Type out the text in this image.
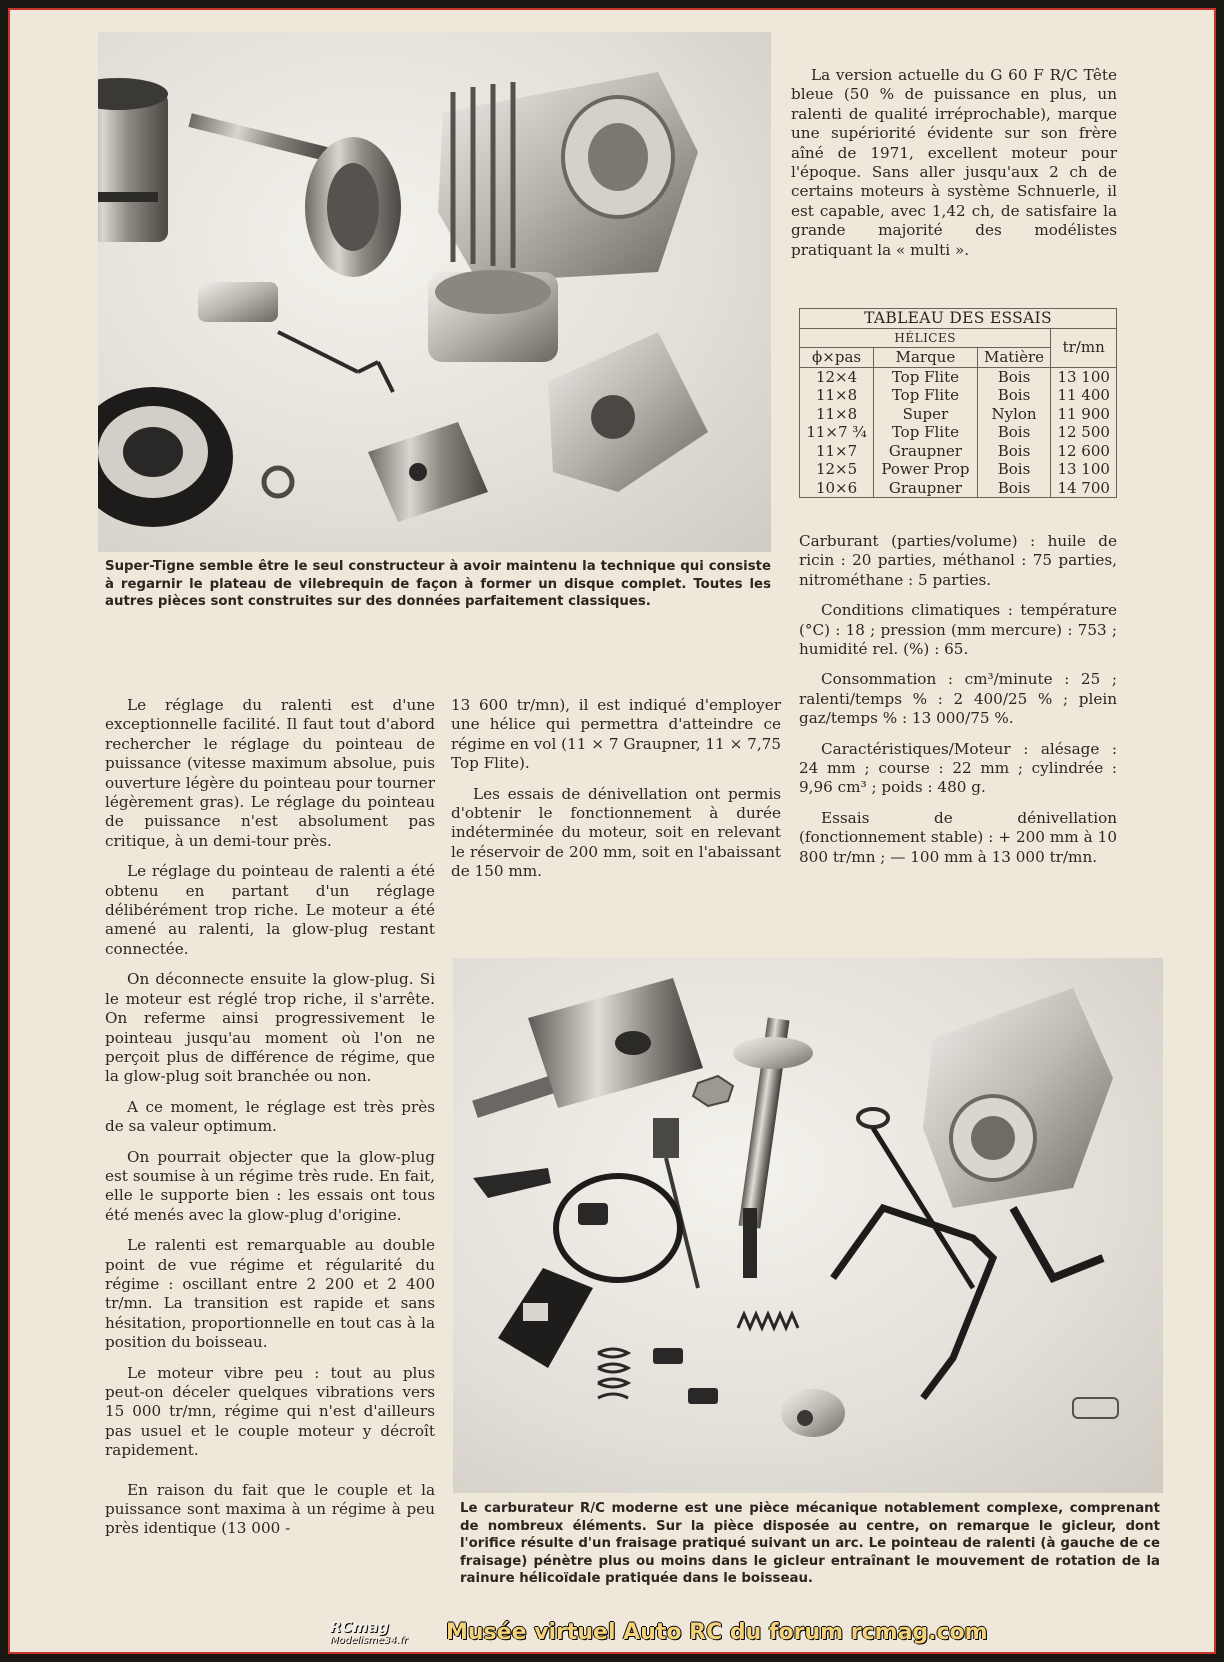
Super-Tigne semble être le seul constructeur à avoir maintenu la technique qui consiste à regarnir le plateau de vilebrequin de façon à former un disque complet. Toutes les autres pièces sont construites sur des données parfaitement classiques.

La version actuelle du G 60 F R/C Tête bleue (50 % de puissance en plus, un ralenti de qualité irréprochable), marque une supériorité évidente sur son frère aîné de 1971, excellent moteur pour l'époque. Sans aller jusqu'aux 2 ch de certains moteurs à système Schnuerle, il est capable, avec 1,42 ch, de satisfaire la grande majorité des modélistes pratiquant la « multi ».

TABLEAU DES ESSAIS			
HÉLICES			tr/mn
ϕ×pas	Marque	Matière	
12×4	Top Flite	Bois	13 100
11×8	Top Flite	Bois	11 400
11×8	Super	Nylon	11 900
11×7 ¾	Top Flite	Bois	12 500
11×7	Graupner	Bois	12 600
12×5	Power Prop	Bois	13 100
10×6	Graupner	Bois	14 700

Carburant (parties/volume) : huile de ricin : 20 parties, méthanol : 75 parties, nitrométhane : 5 parties.

Conditions climatiques : température (°C) : 18 ; pression (mm mercure) : 753 ; humidité rel. (%) : 65.

Consommation : cm³/minute : 25 ; ralenti/temps % : 2 400/25 % ; plein gaz/temps % : 13 000/75 %.

Caractéristiques/Moteur : alésage : 24 mm ; course : 22 mm ; cylindrée : 9,96 cm³ ; poids : 480 g.

Essais de dénivellation (fonctionnement stable) : + 200 mm à 10 800 tr/mn ; — 100 mm à 13 000 tr/mn.

Le réglage du ralenti est d'une exceptionnelle facilité. Il faut tout d'abord rechercher le réglage du pointeau de puissance (vitesse maximum absolue, puis ouverture légère du pointeau pour tourner légèrement gras). Le réglage du pointeau de puissance n'est absolument pas critique, à un demi-tour près.

Le réglage du pointeau de ralenti a été obtenu en partant d'un réglage délibérément trop riche. Le moteur a été amené au ralenti, la glow-plug restant connectée.

On déconnecte ensuite la glow-plug. Si le moteur est réglé trop riche, il s'arrête. On referme ainsi progressivement le pointeau jusqu'au moment où l'on ne perçoit plus de différence de régime, que la glow-plug soit branchée ou non.

A ce moment, le réglage est très près de sa valeur optimum.

On pourrait objecter que la glow-plug est soumise à un régime très rude. En fait, elle le supporte bien : les essais ont tous été menés avec la glow-plug d'origine.

Le ralenti est remarquable au double point de vue régime et régularité du régime : oscillant entre 2 200 et 2 400 tr/mn. La transition est rapide et sans hésitation, proportionnelle en tout cas à la position du boisseau.

Le moteur vibre peu : tout au plus peut-on déceler quelques vibrations vers 15 000 tr/mn, régime qui n'est d'ailleurs pas usuel et le couple moteur y décroît rapidement.

En raison du fait que le couple et la puissance sont maxima à un régime à peu près identique (13 000 -

13 600 tr/mn), il est indiqué d'employer une hélice qui permettra d'atteindre ce régime en vol (11 × 7 Graupner, 11 × 7,75 Top Flite).

Les essais de dénivellation ont permis d'obtenir le fonctionnement à durée indéterminée du moteur, soit en relevant le réservoir de 200 mm, soit en l'abaissant de 150 mm.

Le carburateur R/C moderne est une pièce mécanique notablement complexe, comprenant de nombreux éléments. Sur la pièce disposée au centre, on remarque le gicleur, dont l'orifice résulte d'un fraisage pratiqué suivant un arc. Le pointeau de ralenti (à gauche de ce fraisage) pénètre plus ou moins dans le gicleur entraînant le mouvement de rotation de la rainure hélicoïdale pratiquée dans le boisseau.
RCmag
Modelisme34.fr	Musée virtuel Auto RC du forum rcmag.com
